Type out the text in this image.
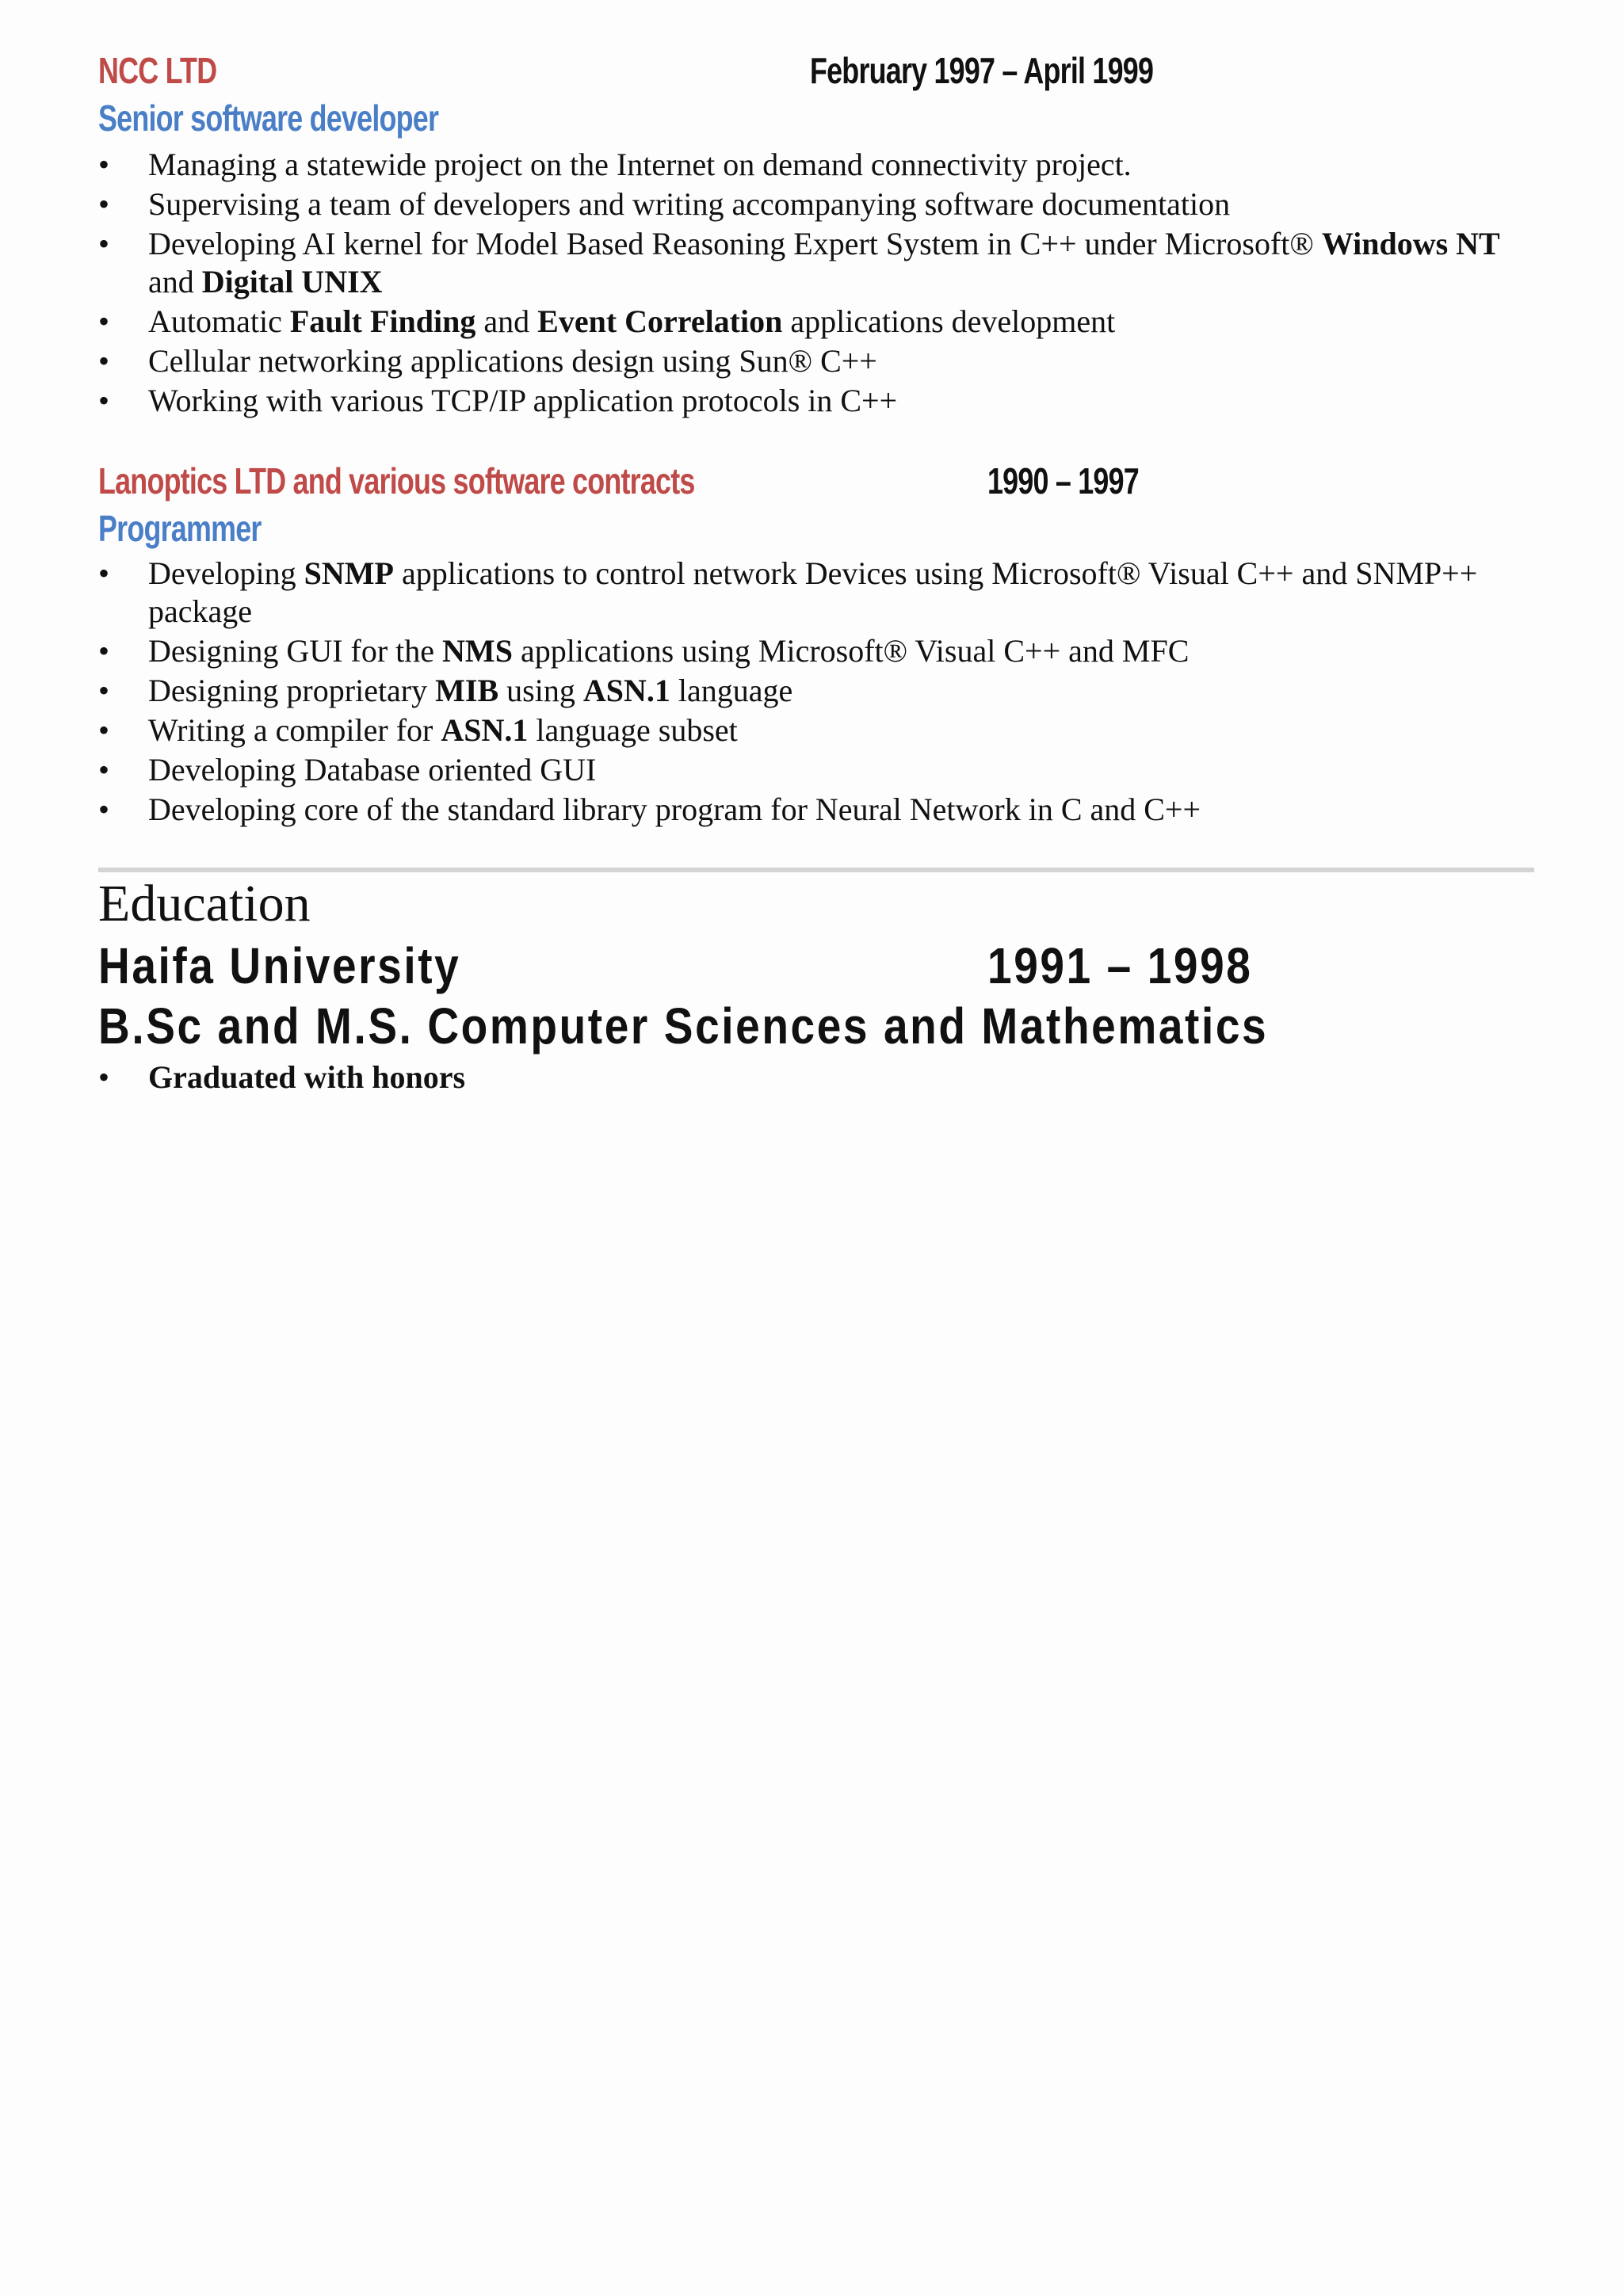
NCC LTD	February 1997 – April 1999
Senior software developer
• Managing a statewide project on the Internet on demand connectivity project.
• Supervising a team of developers and writing accompanying software documentation
• Developing AI kernel for Model Based Reasoning Expert System in C++ under Microsoft® Windows NT and Digital UNIX
• Automatic Fault Finding and Event Correlation applications development
• Cellular networking applications design using Sun® C++
• Working with various TCP/IP application protocols in C++
Lanoptics LTD and various software contracts	1990 – 1997
Programmer
• Developing SNMP applications to control network Devices using Microsoft® Visual C++ and SNMP++ package
• Designing GUI for the NMS applications using Microsoft® Visual C++ and MFC
• Designing proprietary MIB using ASN.1 language
• Writing a compiler for ASN.1 language subset
• Developing Database oriented GUI
• Developing core of the standard library program for Neural Network in C and C++
Education
Haifa University	1991 – 1998
B.Sc and M.S. Computer Sciences and Mathematics
• Graduated with honors
